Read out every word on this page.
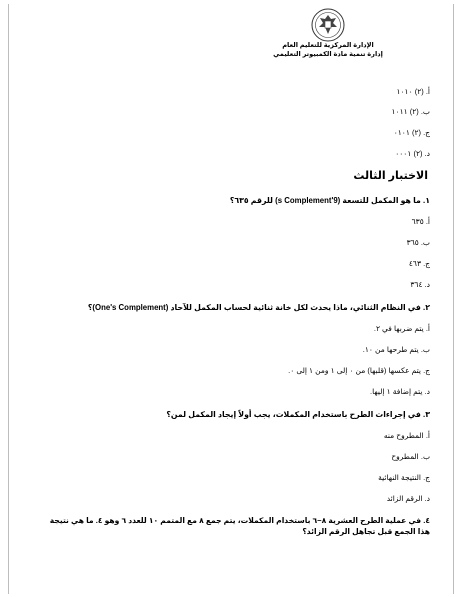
الإدارة المركزية للتعليم العام
إدارة تنمية مادة الكمبيوتر التعليمي
أ. (٢) ١٠١٠
ب. (٢) ١٠١١
ج. (٢) ٠١٠١
د. (٢) ٠٠٠١
الاختبار الثالث
١. ما هو المكمل للتسعة (9's Complement) للرقم ٦٣٥؟
أ. ٦٣٥
ب. ٣٦٥
ج. ٤٦٣
د. ٣٦٤
٢. في النظام الثنائي، ماذا يحدث لكل خانة ثنائية لحساب المكمل للآحاد (One's Complement)؟
أ. يتم ضربها في ٢.
ب. يتم طرحها من ١٠.
ج. يتم عكسها (قلبها) من ٠ إلى ١ ومن ١ إلى ٠.
د. يتم إضافة ١ إليها.
٣. في إجراءات الطرح باستخدام المكملات، يجب أولاً إيجاد المكمل لمن؟
أ. المطروح منه
ب. المطروح
ج. النتيجة النهائية
د. الرقم الزائد
٤. في عملية الطرح العشرية ٨−٦ باستخدام المكملات، يتم جمع ٨ مع المتمم ١٠ للعدد ٦ وهو ٤. ما هي نتيجة هذا الجمع قبل تجاهل الرقم الزائد؟
